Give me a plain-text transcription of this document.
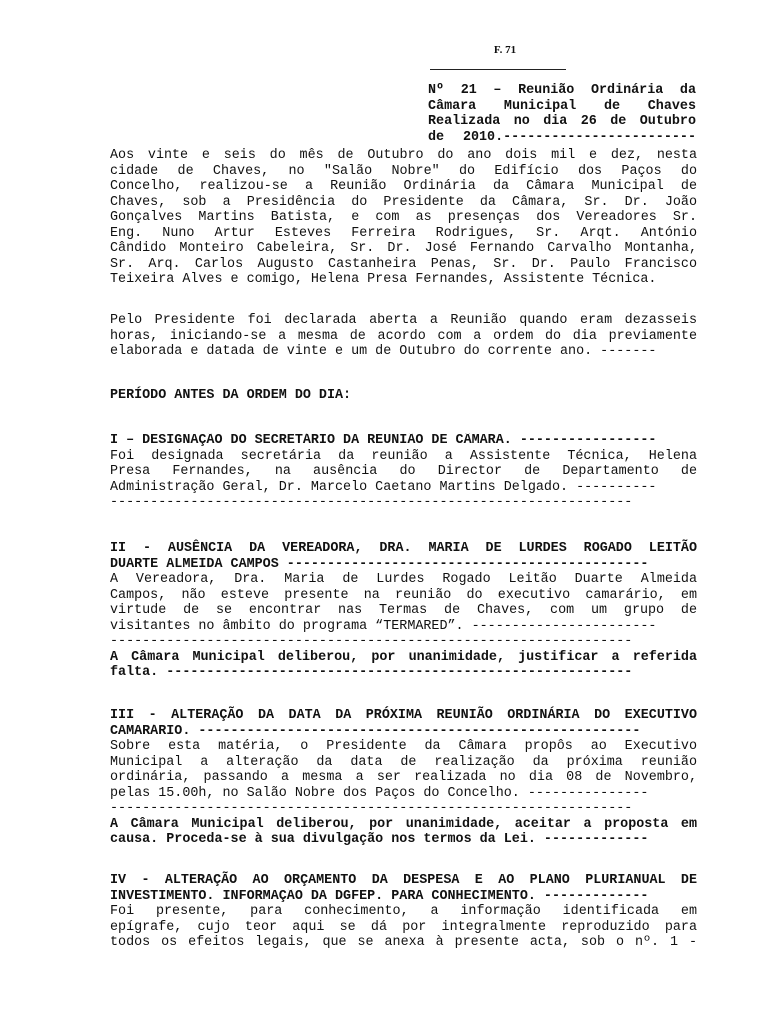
F. 71
Nº 21 – Reunião Ordinária da
Câmara Municipal de Chaves
Realizada no dia 26 de Outubro
de 2010.------------------------
Aos vinte e seis do mês de Outubro do ano dois mil e dez, nesta
cidade de Chaves, no "Salão Nobre" do Edifício dos Paços do
Concelho, realizou-se a Reunião Ordinária da Câmara Municipal de
Chaves, sob a Presidência do Presidente da Câmara, Sr. Dr. João
Gonçalves Martins Batista, e com as presenças dos Vereadores Sr.
Eng. Nuno Artur Esteves Ferreira Rodrigues, Sr. Arqt. António
Cândido Monteiro Cabeleira, Sr. Dr. José Fernando Carvalho Montanha,
Sr. Arq. Carlos Augusto Castanheira Penas, Sr. Dr. Paulo Francisco
Teixeira Alves e comigo, Helena Presa Fernandes, Assistente Técnica.
Pelo Presidente foi declarada aberta a Reunião quando eram dezasseis
horas, iniciando-se a mesma de acordo com a ordem do dia previamente
elaborada e datada de vinte e um de Outubro do corrente ano. -------
PERÍODO ANTES DA ORDEM DO DIA:
I – DESIGNAÇÃO DO SECRETÁRIO DA REUNIÃO DE CÂMARA. -----------------
Foi designada secretária da reunião a Assistente Técnica, Helena
Presa Fernandes, na ausência do Director de Departamento de
Administração Geral, Dr. Marcelo Caetano Martins Delgado. ----------
-----------------------------------------------------------------
II - AUSÊNCIA DA VEREADORA, DRA. MARIA DE LURDES ROGADO LEITÃO
DUARTE ALMEIDA CAMPOS ---------------------------------------------
A Vereadora, Dra. Maria de Lurdes Rogado Leitão Duarte Almeida
Campos, não esteve presente na reunião do executivo camarário, em
virtude de se encontrar nas Termas de Chaves, com um grupo de
visitantes no âmbito do programa “TERMARED”. -----------------------
-----------------------------------------------------------------
A Câmara Municipal deliberou, por unanimidade, justificar a referida
falta. ----------------------------------------------------------
III - ALTERAÇÃO DA DATA DA PRÓXIMA REUNIÃO ORDINÁRIA DO EXECUTIVO
CAMARÁRIO. -------------------------------------------------------
Sobre esta matéria, o Presidente da Câmara propôs ao Executivo
Municipal a alteração da data de realização da próxima reunião
ordinária, passando a mesma a ser realizada no dia 08 de Novembro,
pelas 15.00h, no Salão Nobre dos Paços do Concelho. ---------------
-----------------------------------------------------------------
A Câmara Municipal deliberou, por unanimidade, aceitar a proposta em
causa. Proceda-se à sua divulgação nos termos da Lei. -------------
IV - ALTERAÇÃO AO ORÇAMENTO DA DESPESA E AO PLANO PLURIANUAL DE
INVESTIMENTO. INFORMAÇÃO DA DGFEP. PARA CONHECIMENTO. -------------
Foi presente, para conhecimento, a informação identificada em
epígrafe, cujo teor aqui se dá por integralmente reproduzido para
todos os efeitos legais, que se anexa à presente acta, sob o nº. 1 -
